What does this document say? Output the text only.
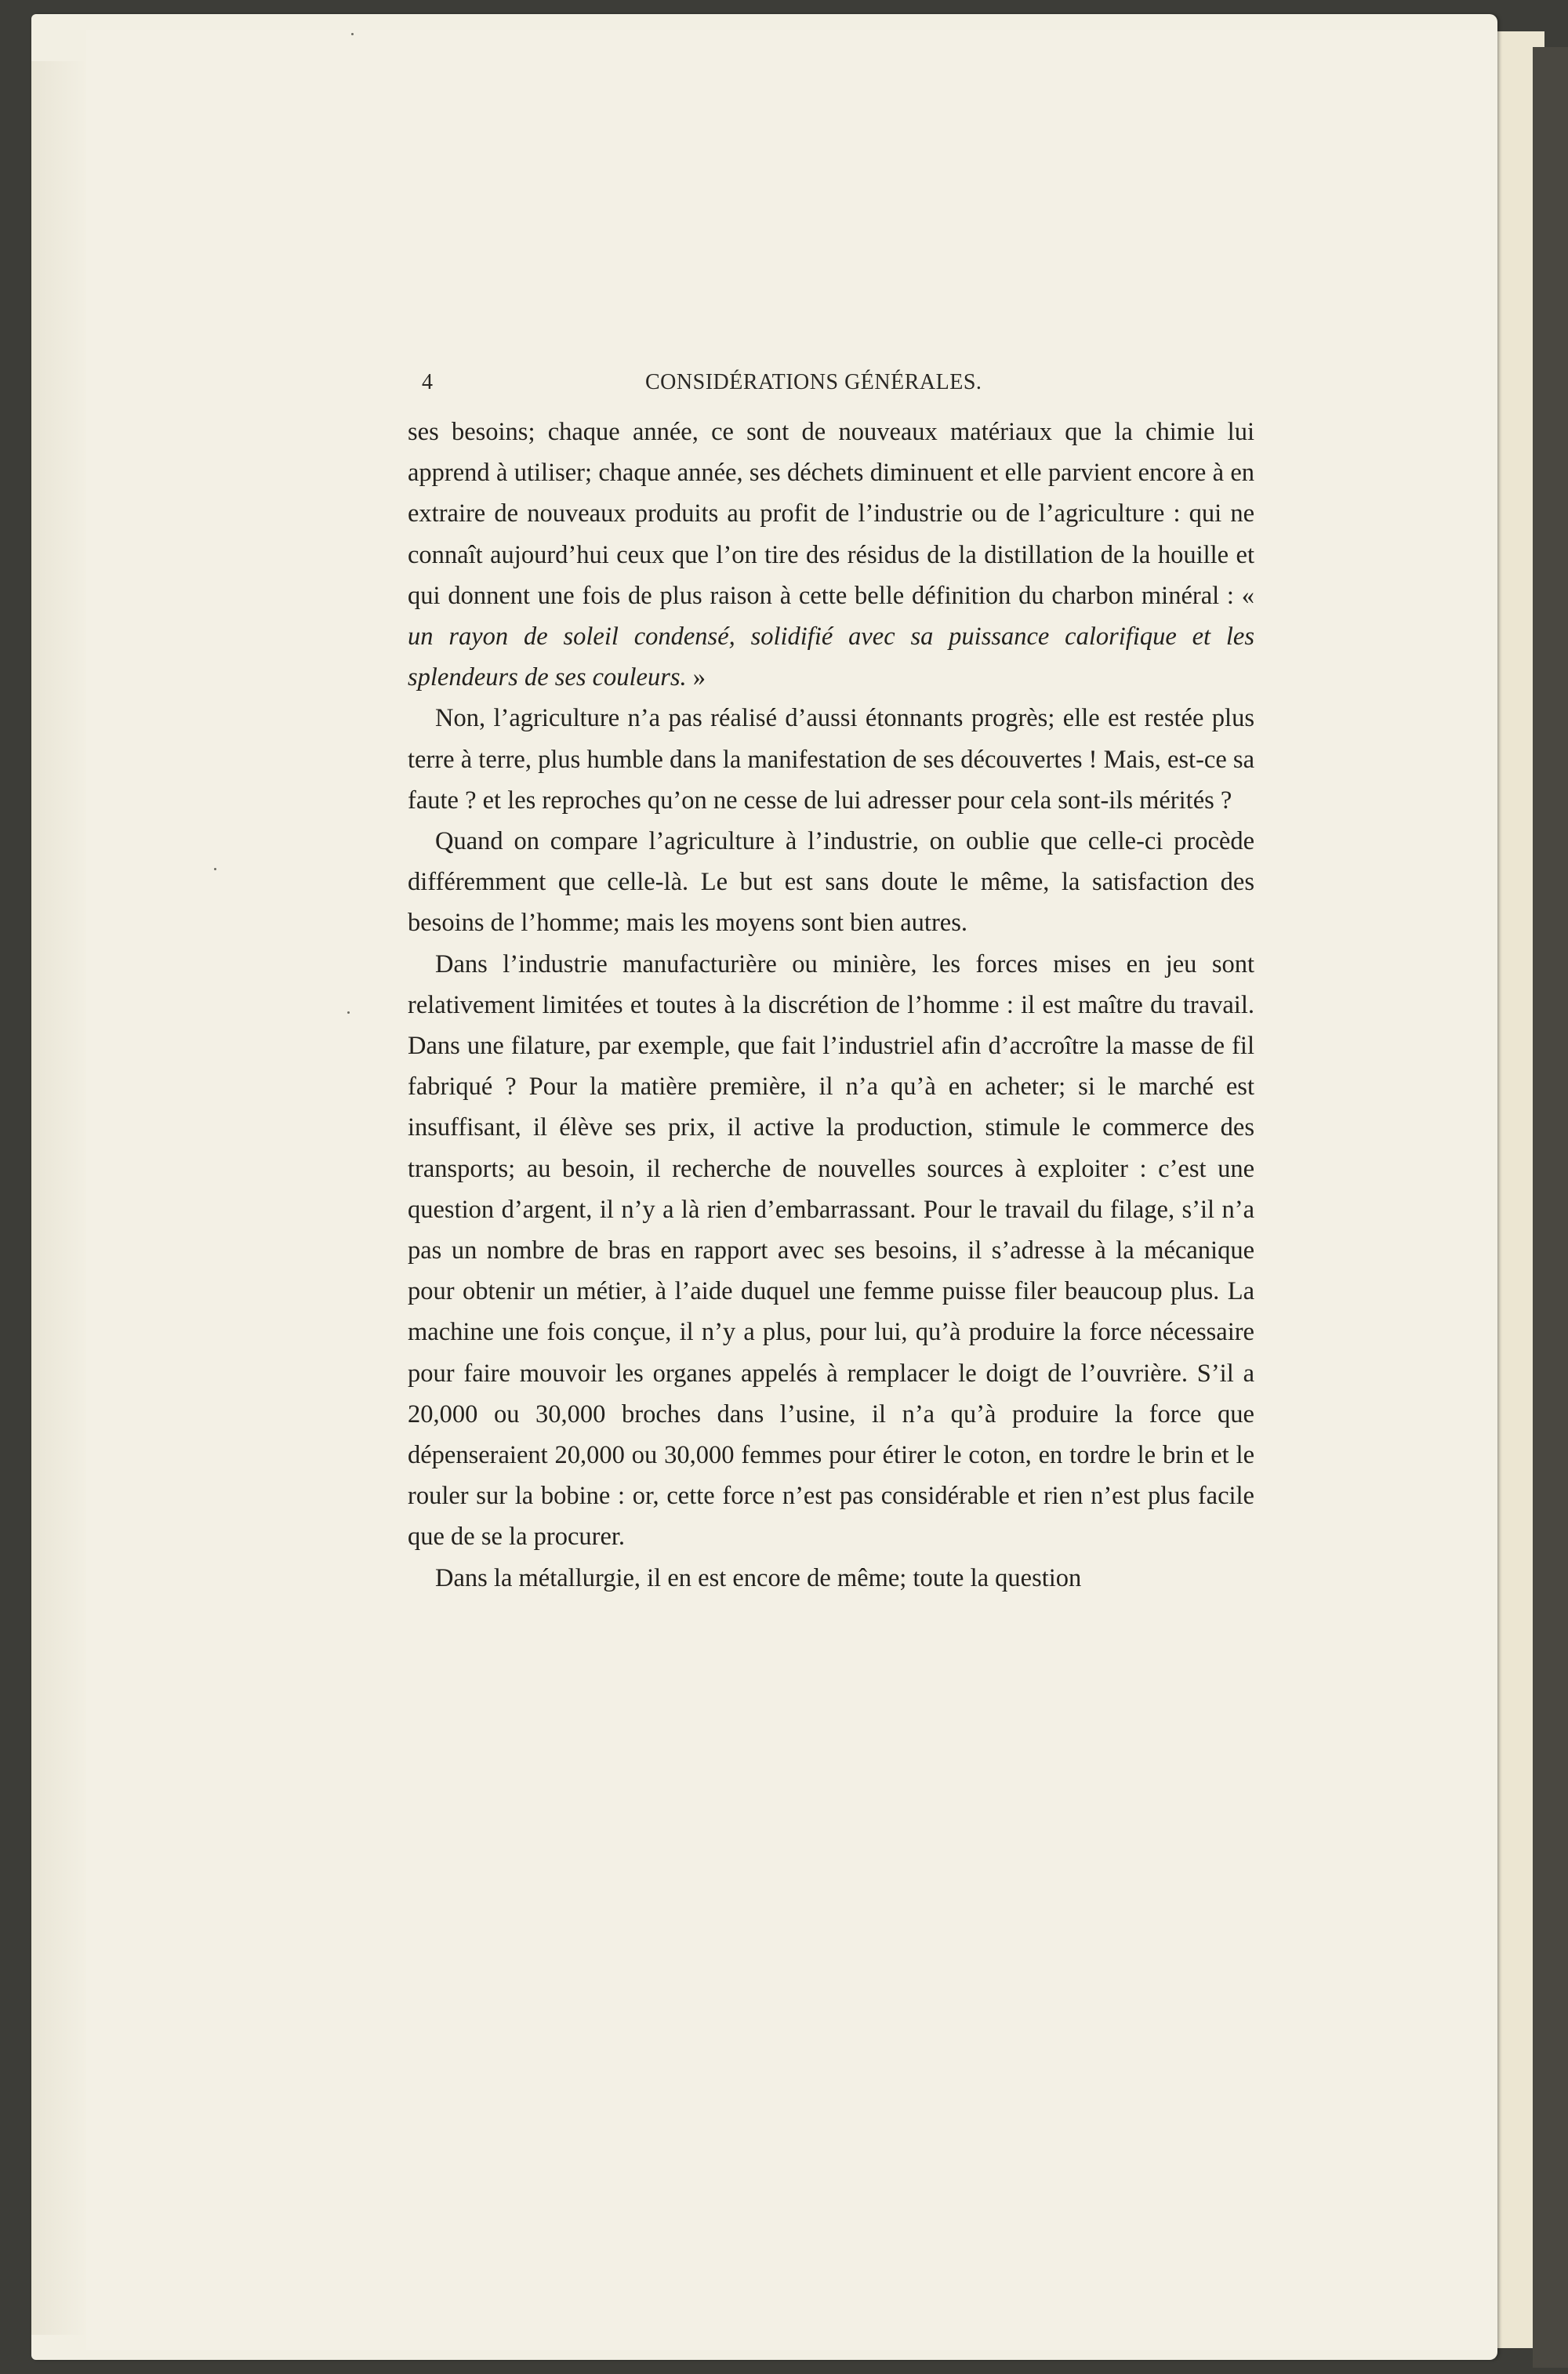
4	CONSIDÉRATIONS GÉNÉRALES.

ses besoins; chaque année, ce sont de nouveaux matériaux que la chimie lui apprend à utiliser; chaque année, ses déchets diminuent et elle parvient encore à en extraire de nouveaux produits au profit de l’industrie ou de l’agriculture : qui ne connaît aujourd’hui ceux que l’on tire des résidus de la distillation de la houille et qui donnent une fois de plus raison à cette belle définition du charbon minéral : « un rayon de soleil condensé, solidifié avec sa puissance calorifique et les splendeurs de ses couleurs. »

Non, l’agriculture n’a pas réalisé d’aussi étonnants progrès; elle est restée plus terre à terre, plus humble dans la manifestation de ses découvertes ! Mais, est-ce sa faute ? et les reproches qu’on ne cesse de lui adresser pour cela sont-ils mérités ?

Quand on compare l’agriculture à l’industrie, on oublie que celle-ci procède différemment que celle-là. Le but est sans doute le même, la satisfaction des besoins de l’homme; mais les moyens sont bien autres.

Dans l’industrie manufacturière ou minière, les forces mises en jeu sont relativement limitées et toutes à la discrétion de l’homme : il est maître du travail. Dans une filature, par exemple, que fait l’industriel afin d’accroître la masse de fil fabriqué ? Pour la matière première, il n’a qu’à en acheter; si le marché est insuffisant, il élève ses prix, il active la production, stimule le commerce des transports; au besoin, il recherche de nouvelles sources à exploiter : c’est une question d’argent, il n’y a là rien d’embarrassant. Pour le travail du filage, s’il n’a pas un nombre de bras en rapport avec ses besoins, il s’adresse à la mécanique pour obtenir un métier, à l’aide duquel une femme puisse filer beaucoup plus. La machine une fois conçue, il n’y a plus, pour lui, qu’à produire la force nécessaire pour faire mouvoir les organes appelés à remplacer le doigt de l’ouvrière. S’il a 20,000 ou 30,000 broches dans l’usine, il n’a qu’à produire la force que dépenseraient 20,000 ou 30,000 femmes pour étirer le coton, en tordre le brin et le rouler sur la bobine : or, cette force n’est pas considérable et rien n’est plus facile que de se la procurer.

Dans la métallurgie, il en est encore de même; toute la question
